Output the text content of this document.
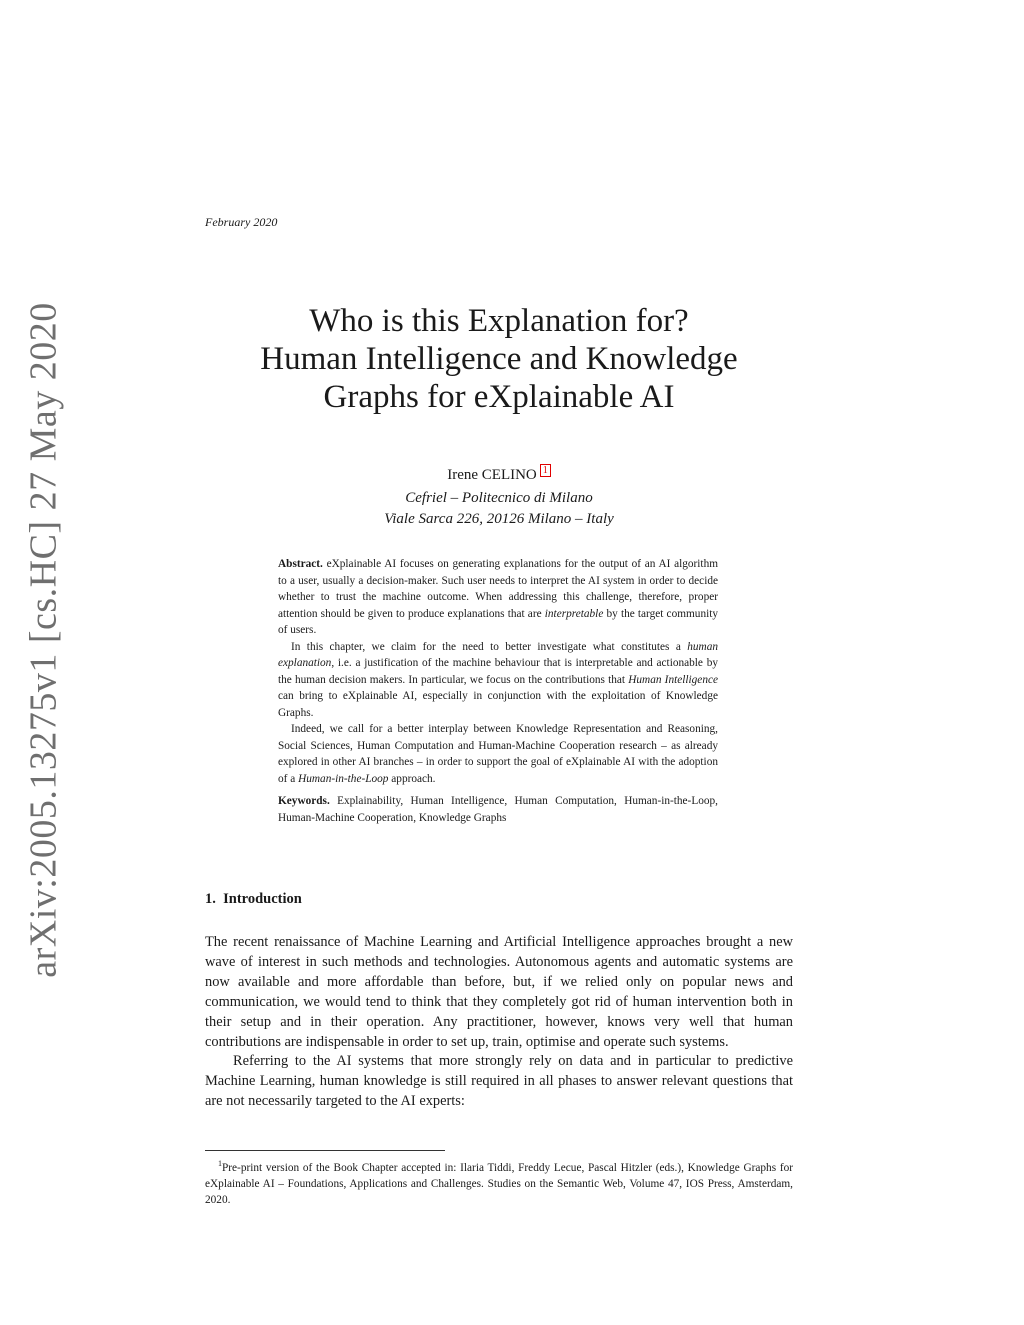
arXiv:2005.13275v1 [cs.HC] 27 May 2020
February 2020
Who is this Explanation for?
Human Intelligence and Knowledge
Graphs for eXplainable AI
Irene CELINO 1
Cefriel – Politecnico di Milano
Viale Sarca 226, 20126 Milano – Italy

Abstract. eXplainable AI focuses on generating explanations for the output of an AI algorithm to a user, usually a decision-maker. Such user needs to interpret the AI system in order to decide whether to trust the machine outcome. When addressing this challenge, therefore, proper attention should be given to produce explanations that are interpretable by the target community of users.

In this chapter, we claim for the need to better investigate what constitutes a human explanation, i.e. a justification of the machine behaviour that is interpretable and actionable by the human decision makers. In particular, we focus on the contributions that Human Intelligence can bring to eXplainable AI, especially in conjunction with the exploitation of Knowledge Graphs.

Indeed, we call for a better interplay between Knowledge Representation and Reasoning, Social Sciences, Human Computation and Human-Machine Cooperation research – as already explored in other AI branches – in order to support the goal of eXplainable AI with the adoption of a Human-in-the-Loop approach.

Keywords. Explainability, Human Intelligence, Human Computation, Human-in-the-Loop, Human-Machine Cooperation, Knowledge Graphs
1. Introduction

The recent renaissance of Machine Learning and Artificial Intelligence approaches brought a new wave of interest in such methods and technologies. Autonomous agents and automatic systems are now available and more affordable than before, but, if we relied only on popular news and communication, we would tend to think that they completely got rid of human intervention both in their setup and in their operation. Any practitioner, however, knows very well that human contributions are indispensable in order to set up, train, optimise and operate such systems.

Referring to the AI systems that more strongly rely on data and in particular to predictive Machine Learning, human knowledge is still required in all phases to answer relevant questions that are not necessarily targeted to the AI experts:

$^1$Pre-print version of the Book Chapter accepted in: Ilaria Tiddi, Freddy Lecue, Pascal Hitzler (eds.), Knowledge Graphs for eXplainable AI – Foundations, Applications and Challenges. Studies on the Semantic Web, Volume 47, IOS Press, Amsterdam, 2020.
